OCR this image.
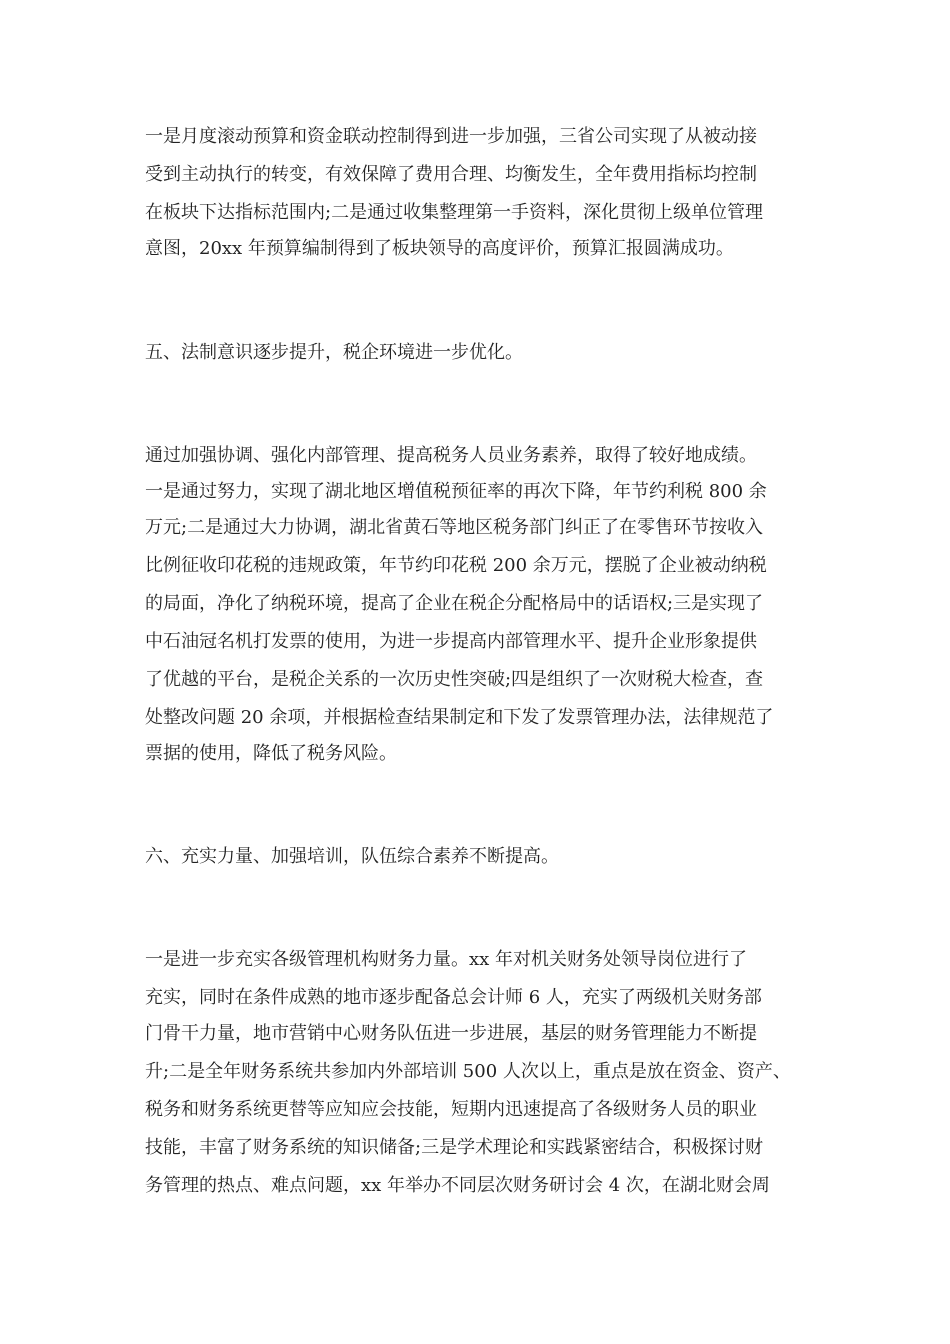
一是月度滚动预算和资金联动控制得到进一步加强，三省公司实现了从被动接
受到主动执行的转变，有效保障了费用合理、均衡发生，全年费用指标均控制
在板块下达指标范围内;二是通过收集整理第一手资料，深化贯彻上级单位管理
意图，20xx 年预算编制得到了板块领导的高度评价，预算汇报圆满成功。
五、法制意识逐步提升，税企环境进一步优化。
通过加强协调、强化内部管理、提高税务人员业务素养，取得了较好地成绩。
一是通过努力，实现了湖北地区增值税预征率的再次下降，年节约利税 800 余
万元;二是通过大力协调，湖北省黄石等地区税务部门纠正了在零售环节按收入
比例征收印花税的违规政策，年节约印花税 200 余万元，摆脱了企业被动纳税
的局面，净化了纳税环境，提高了企业在税企分配格局中的话语权;三是实现了
中石油冠名机打发票的使用，为进一步提高内部管理水平、提升企业形象提供
了优越的平台，是税企关系的一次历史性突破;四是组织了一次财税大检查，查
处整改问题 20 余项，并根据检查结果制定和下发了发票管理办法，法律规范了
票据的使用，降低了税务风险。
六、充实力量、加强培训，队伍综合素养不断提高。
一是进一步充实各级管理机构财务力量。xx 年对机关财务处领导岗位进行了
充实，同时在条件成熟的地市逐步配备总会计师 6 人，充实了两级机关财务部
门骨干力量，地市营销中心财务队伍进一步进展，基层的财务管理能力不断提
升;二是全年财务系统共参加内外部培训 500 人次以上，重点是放在资金、资产、
税务和财务系统更替等应知应会技能，短期内迅速提高了各级财务人员的职业
技能，丰富了财务系统的知识储备;三是学术理论和实践紧密结合，积极探讨财
务管理的热点、难点问题，xx 年举办不同层次财务研讨会 4 次，在湖北财会周
